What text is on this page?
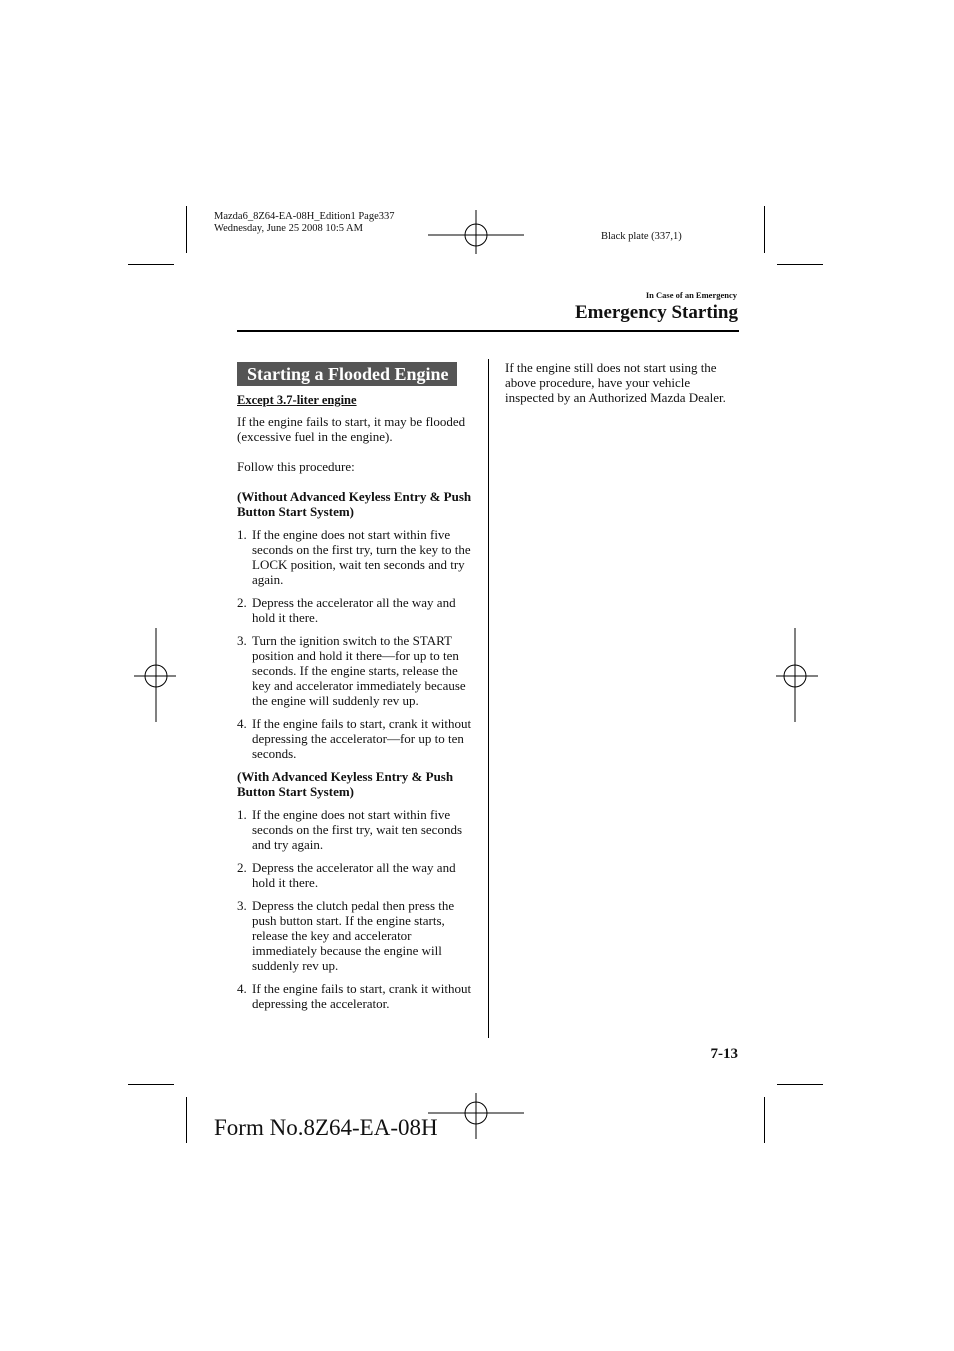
Mazda6_8Z64-EA-08H_Edition1 Page337
Wednesday, June 25 2008 10:5 AM
Black plate (337,1)
In Case of an Emergency
Emergency Starting
Starting a Flooded Engine
Except 3.7-liter engine
If the engine fails to start, it may be flooded (excessive fuel in the engine).
Follow this procedure:
(Without Advanced Keyless Entry & Push Button Start System)
1. If the engine does not start within five seconds on the first try, turn the key to the LOCK position, wait ten seconds and try again.
2. Depress the accelerator all the way and hold it there.
3. Turn the ignition switch to the START position and hold it there—for up to ten seconds. If the engine starts, release the key and accelerator immediately because the engine will suddenly rev up.
4. If the engine fails to start, crank it without depressing the accelerator—for up to ten seconds.
(With Advanced Keyless Entry & Push Button Start System)
1. If the engine does not start within five seconds on the first try, wait ten seconds and try again.
2. Depress the accelerator all the way and hold it there.
3. Depress the clutch pedal then press the push button start. If the engine starts, release the key and accelerator immediately because the engine will suddenly rev up.
4. If the engine fails to start, crank it without depressing the accelerator.
If the engine still does not start using the above procedure, have your vehicle inspected by an Authorized Mazda Dealer.
7-13
Form No.8Z64-EA-08H
